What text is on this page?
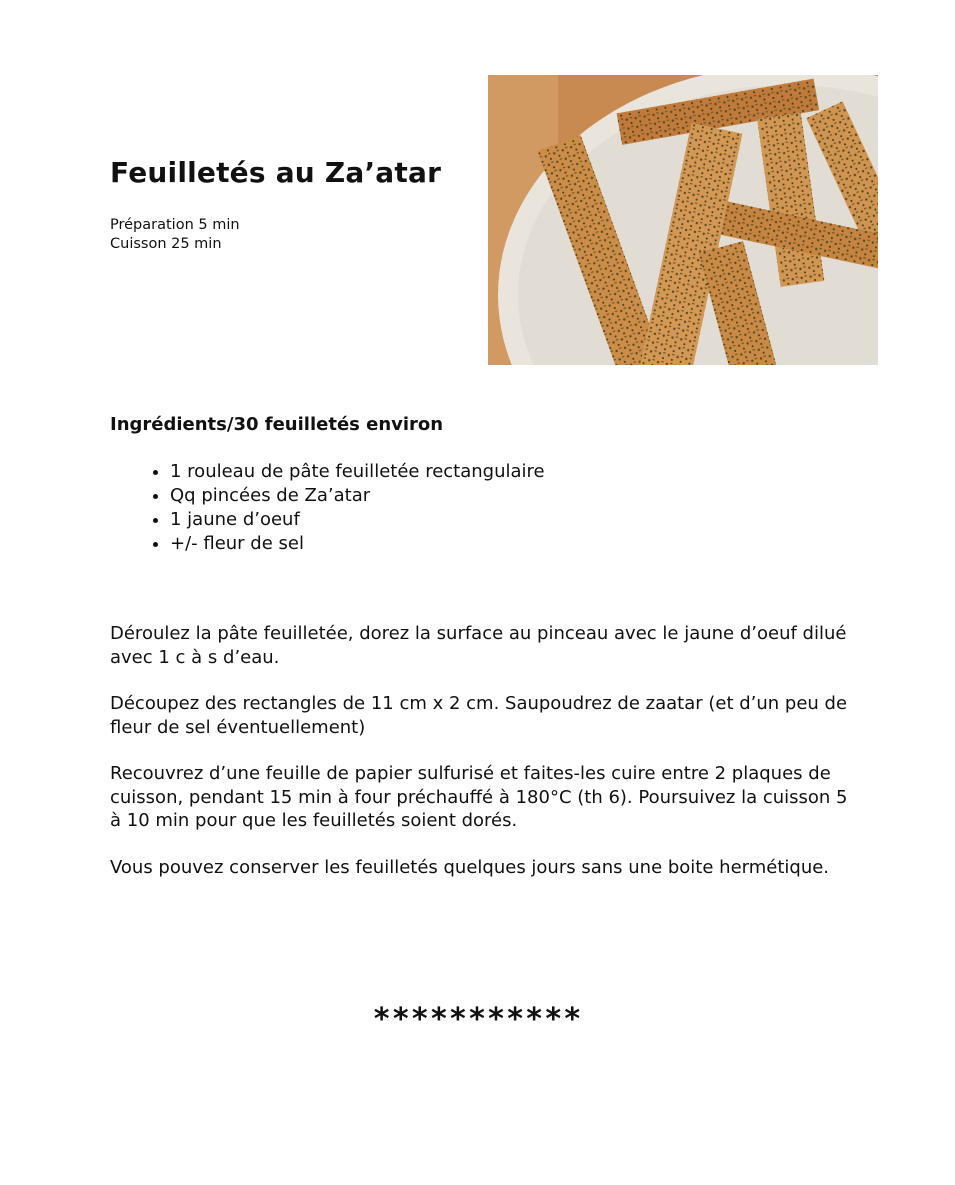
Feuilletés au Za’atar
Préparation 5 min
Cuisson 25 min
Ingrédients/30 feuilletés environ
• 1 rouleau de pâte feuilletée rectangulaire
• Qq pincées de Za’atar
• 1 jaune d’oeuf
• +/- fleur de sel

Déroulez la pâte feuilletée, dorez la surface au pinceau avec le jaune d’oeuf dilué avec 1 c à s d’eau.

Découpez des rectangles de 11 cm x 2 cm. Saupoudrez de zaatar (et d’un peu de fleur de sel éventuellement)

Recouvrez d’une feuille de papier sulfurisé et faites-les cuire entre 2 plaques de cuisson, pendant 15 min à four préchauffé à 180°C (th 6). Poursuivez la cuisson 5 à 10 min pour que les feuilletés soient dorés.

Vous pouvez conserver les feuilletés quelques jours sans une boite hermétique.

***********
